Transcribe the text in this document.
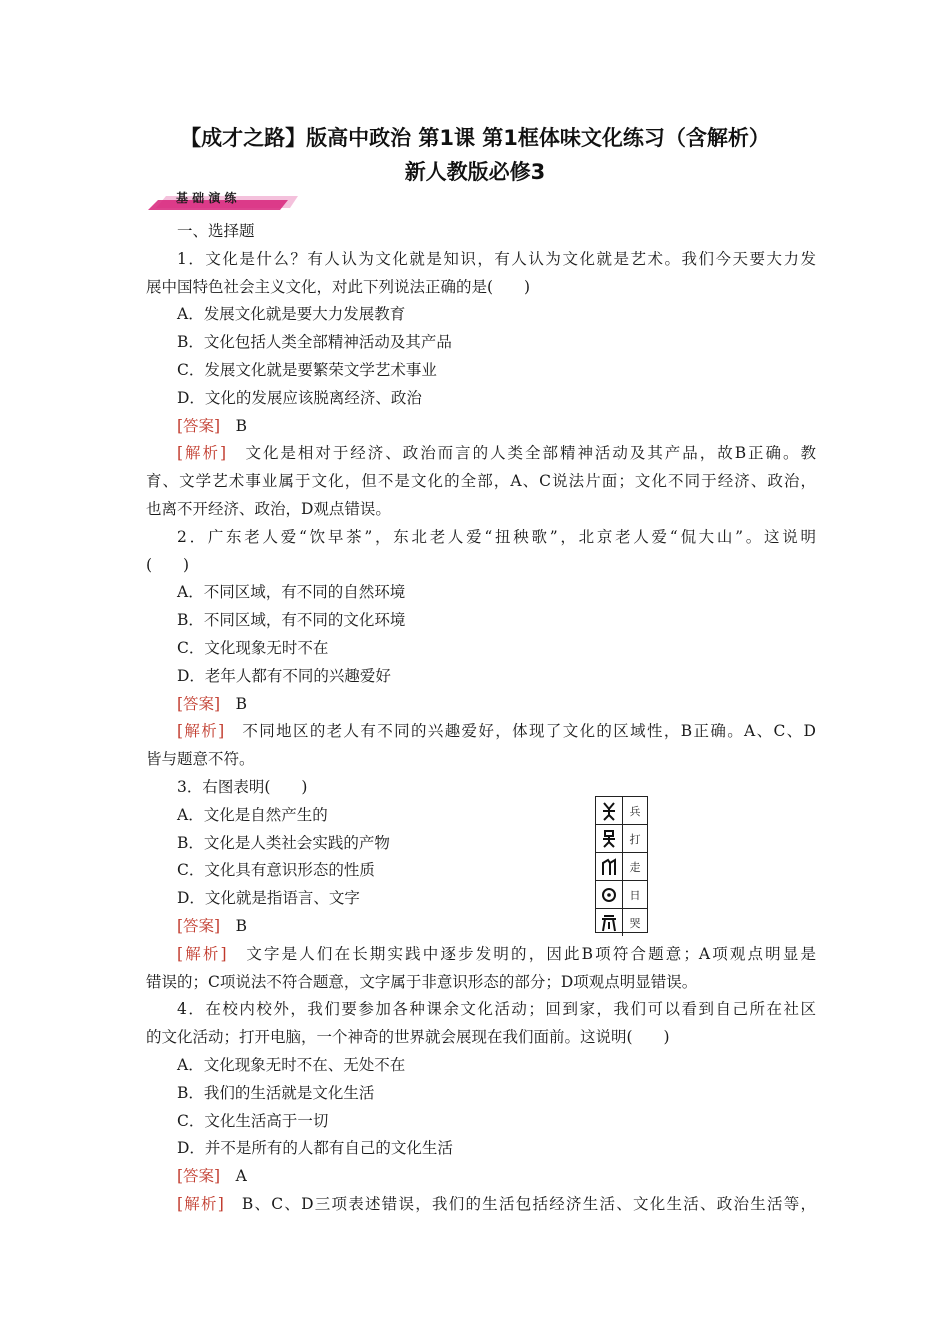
【成才之路】版高中政治 第1课 第1框体味文化练习（含解析）
新人教版必修3
基 础 演 练
一、选择题
1．文化是什么？有人认为文化就是知识，有人认为文化就是艺术。我们今天要大力发
展中国特色社会主义文化，对此下列说法正确的是(　　)
A．发展文化就是要大力发展教育
B．文化包括人类全部精神活动及其产品
C．发展文化就是要繁荣文学艺术事业
D．文化的发展应该脱离经济、政治
[答案]　 B
[解析]　 文化是相对于经济、政治而言的人类全部精神活动及其产品，故B正确。教
育、文学艺术事业属于文化，但不是文化的全部，A、C说法片面；文化不同于经济、政治，
也离不开经济、政治，D观点错误。
2．广东老人爱“饮早茶”，东北老人爱“扭秧歌”，北京老人爱“侃大山”。这说明
(　　)
A．不同区域，有不同的自然环境
B．不同区域，有不同的文化环境
C．文化现象无时不在
D．老年人都有不同的兴趣爱好
[答案]　 B
[解析]　 不同地区的老人有不同的兴趣爱好，体现了文化的区域性，B正确。A、C、D
皆与题意不符。
3．右图表明(　　)
A．文化是自然产生的
B．文化是人类社会实践的产物
C．文化具有意识形态的性质
D．文化就是指语言、文字
[答案]　 B
[解析]　 文字是人们在长期实践中逐步发明的，因此B项符合题意；A项观点明显是
错误的；C项说法不符合题意，文字属于非意识形态的部分；D项观点明显错误。
4．在校内校外，我们要参加各种课余文化活动；回到家，我们可以看到自己所在社区
的文化活动；打开电脑，一个神奇的世界就会展现在我们面前。这说明(　　)
A．文化现象无时不在、无处不在
B．我们的生活就是文化生活
C．文化生活高于一切
D．并不是所有的人都有自己的文化生活
[答案]　 A
[解析]　 B、C、D三项表述错误，我们的生活包括经济生活、文化生活、政治生活等，
兵
打
走
日
哭
